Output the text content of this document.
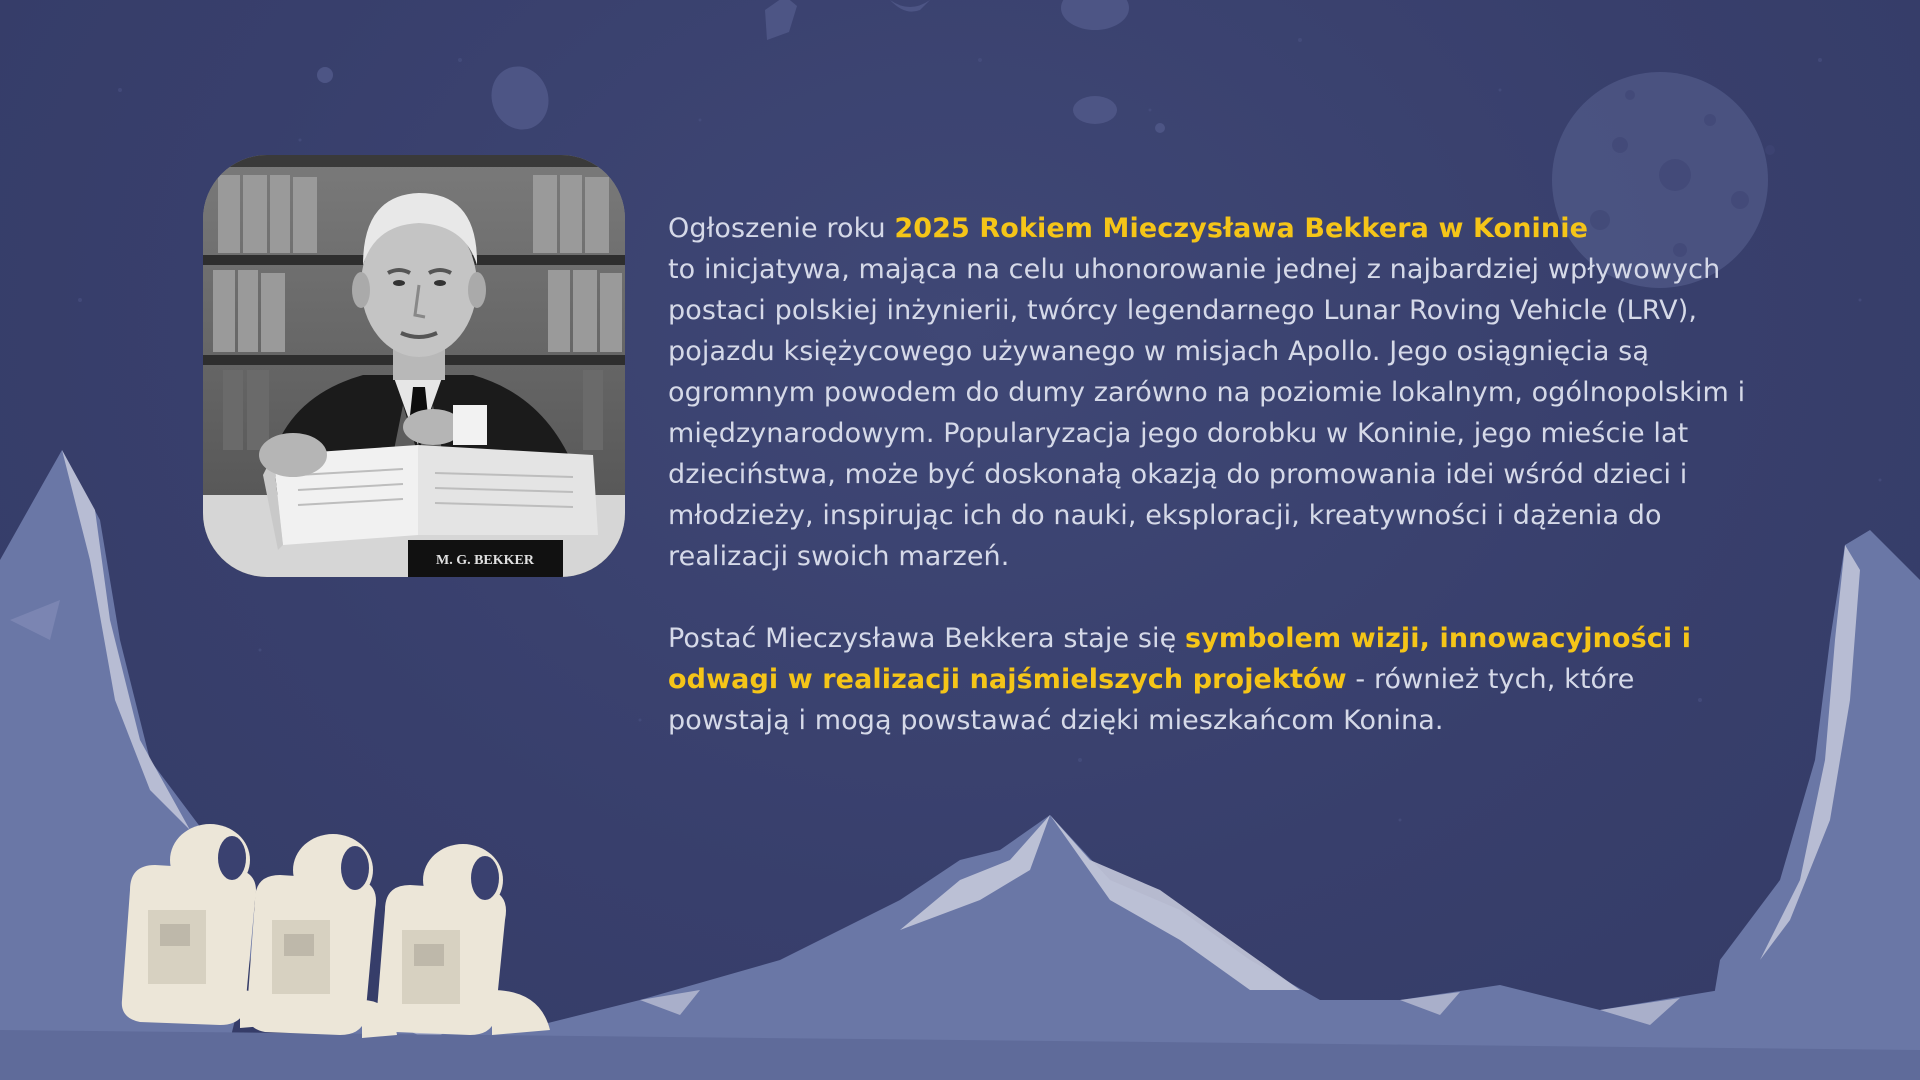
M. G. BEKKER

Ogłoszenie roku 2025 Rokiem Mieczysława Bekkera w Koninie
to inicjatywa, mająca na celu uhonorowanie jednej z najbardziej wpływowych postaci polskiej inżynierii, twórcy legendarnego Lunar Roving Vehicle (LRV), pojazdu księżycowego używanego w misjach Apollo. Jego osiągnięcia są ogromnym powodem do dumy zarówno na poziomie lokalnym, ogólnopolskim i międzynarodowym. Popularyzacja jego dorobku w Koninie, jego mieście lat dzieciństwa, może być doskonałą okazją do promowania idei wśród dzieci i młodzieży, inspirując ich do nauki, eksploracji, kreatywności i dążenia do realizacji swoich marzeń.

Postać Mieczysława Bekkera staje się symbolem wizji, innowacyjności i odwagi w realizacji najśmielszych projektów - również tych, które powstają i mogą powstawać dzięki mieszkańcom Konina.
